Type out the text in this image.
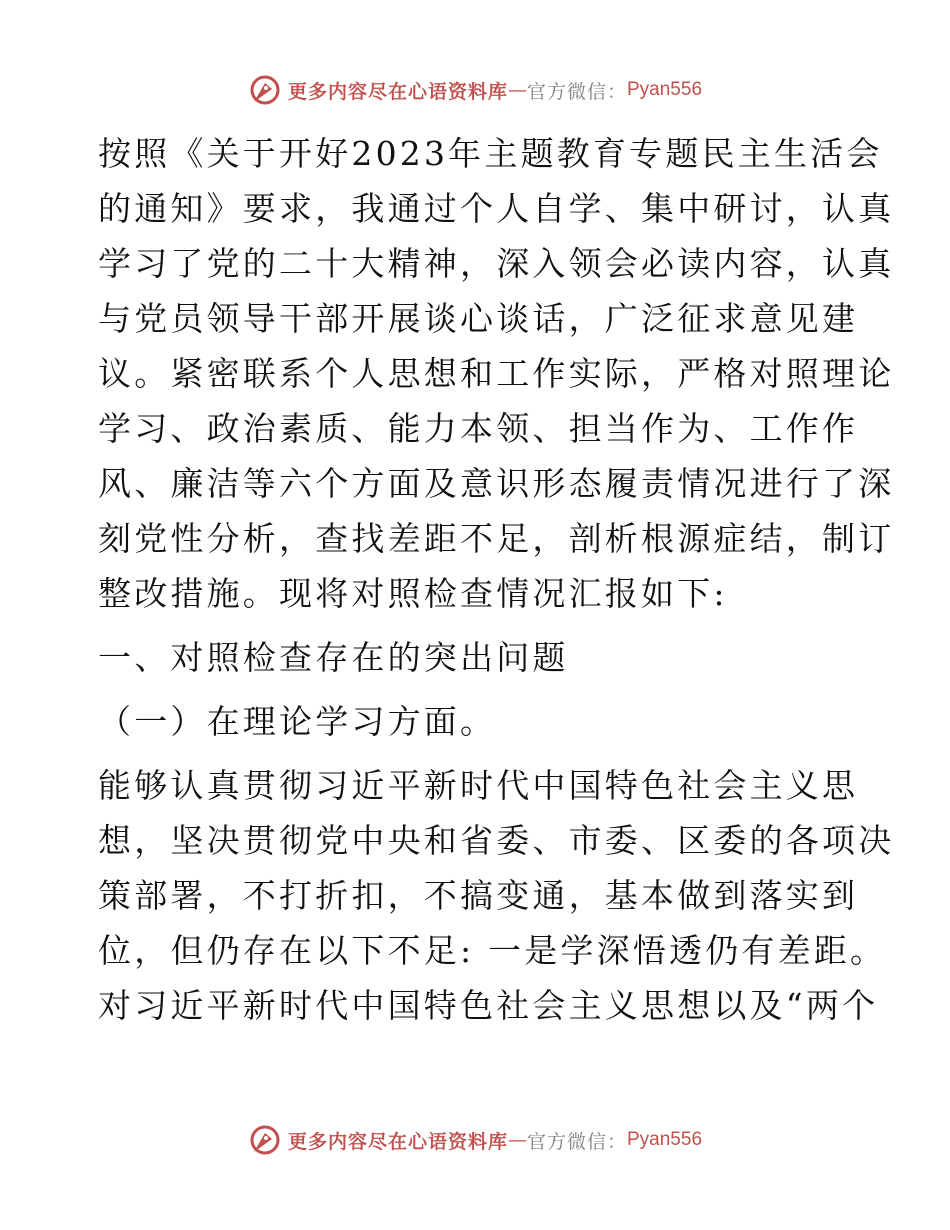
更多内容尽在心语资料库 — 官方微信： Pyan556

按照《关于开好2023年主题教育专题民主生活会
的通知》要求，我通过个人自学、集中研讨，认真
学习了党的二十大精神，深入领会必读内容，认真
与党员领导干部开展谈心谈话，广泛征求意见建
议。紧密联系个人思想和工作实际，严格对照理论
学习、政治素质、能力本领、担当作为、工作作
风、廉洁等六个方面及意识形态履责情况进行了深
刻党性分析，查找差距不足，剖析根源症结，制订
整改措施。现将对照检查情况汇报如下:

一、对照检查存在的突出问题

（一）在理论学习方面。

能够认真贯彻习近平新时代中国特色社会主义思
想，坚决贯彻党中央和省委、市委、区委的各项决
策部署，不打折扣，不搞变通，基本做到落实到
位，但仍存在以下不足: 一是学深悟透仍有差距。
对习近平新时代中国特色社会主义思想以及“两个

更多内容尽在心语资料库 — 官方微信： Pyan556
